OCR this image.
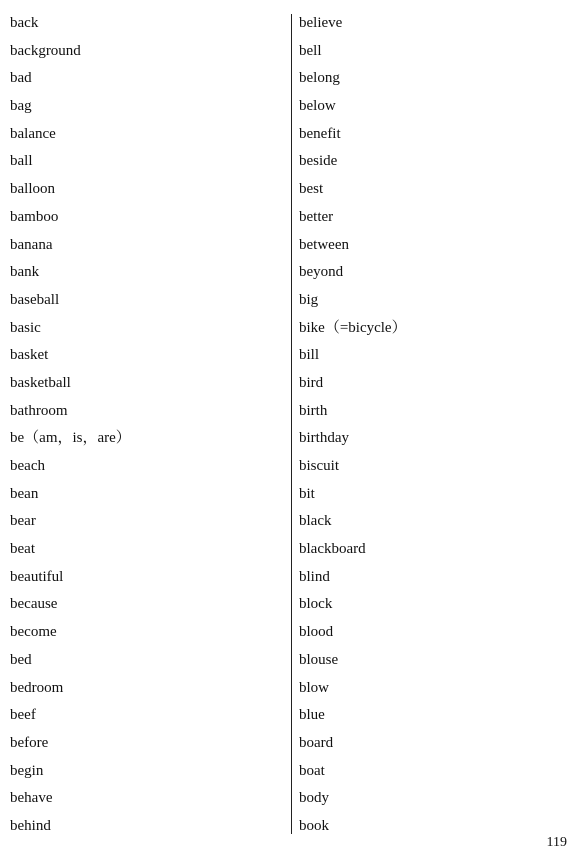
back
background
bad
bag
balance
ball
balloon
bamboo
banana
bank
baseball
basic
basket
basketball
bathroom
be（am，is，are）
beach
bean
bear
beat
beautiful
because
become
bed
bedroom
beef
before
begin
behave
behind
believe
bell
belong
below
benefit
beside
best
better
between
beyond
big
bike（=bicycle）
bill
bird
birth
birthday
biscuit
bit
black
blackboard
blind
block
blood
blouse
blow
blue
board
boat
body
book
119
